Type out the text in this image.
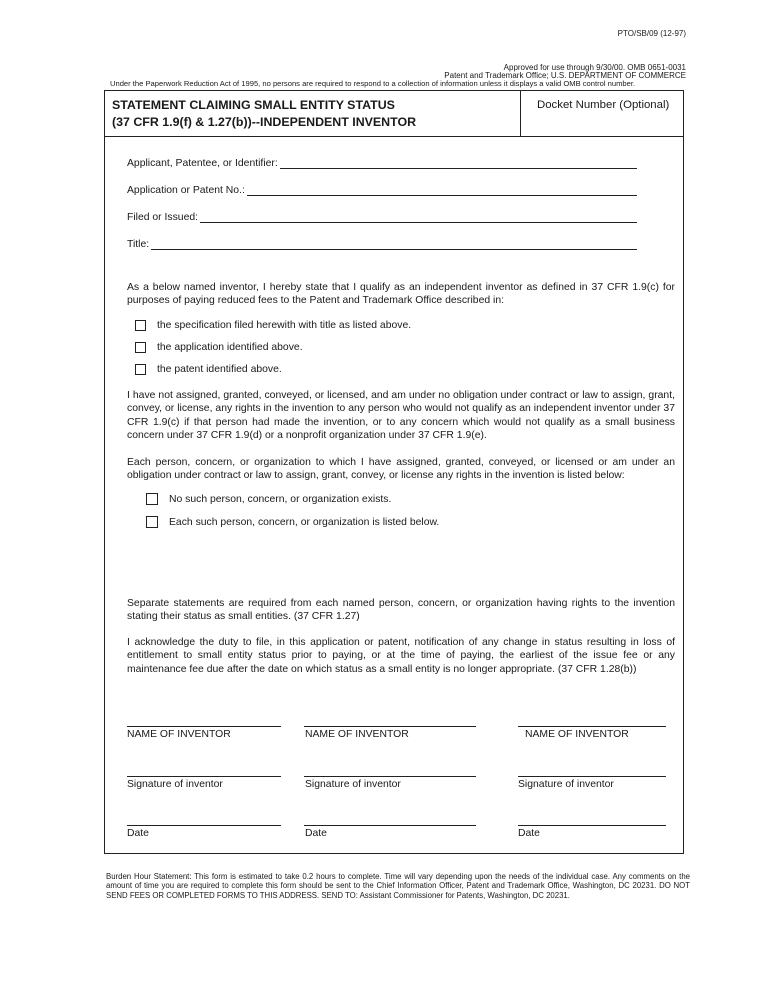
PTO/SB/09 (12-97)
Approved for use through 9/30/00. OMB 0651-0031
Patent and Trademark Office; U.S. DEPARTMENT OF COMMERCE
Under the Paperwork Reduction Act of 1995, no persons are required to respond to a collection of information unless it displays a valid OMB control number.
STATEMENT CLAIMING SMALL ENTITY STATUS
(37 CFR 1.9(f) & 1.27(b))--INDEPENDENT INVENTOR
Docket Number (Optional)
Applicant, Patentee, or Identifier:
Application or Patent No.:
Filed or Issued:
Title:
As a below named inventor, I hereby state that I qualify as an independent inventor as defined in 37 CFR 1.9(c) for purposes of paying reduced fees to the Patent and Trademark Office described in:
the specification filed herewith with title as listed above.
the application identified above.
the patent identified above.
I have not assigned, granted, conveyed, or licensed, and am under no obligation under contract or law to assign, grant, convey, or license, any rights in the invention to any person who would not qualify as an independent inventor under 37 CFR 1.9(c) if that person had made the invention, or to any concern which would not qualify as a small business concern under 37 CFR 1.9(d) or a nonprofit organization under 37 CFR 1.9(e).
Each person, concern, or organization to which I have assigned, granted, conveyed, or licensed or am under an obligation under contract or law to assign, grant, convey, or license any rights in the invention is listed below:
No such person, concern, or organization exists.
Each such person, concern, or organization is listed below.
Separate statements are required from each named person, concern, or organization having rights to the invention stating their status as small entities. (37 CFR 1.27)
I acknowledge the duty to file, in this application or patent, notification of any change in status resulting in loss of entitlement to small entity status prior to paying, or at the time of paying, the earliest of the issue fee or any maintenance fee due after the date on which status as a small entity is no longer appropriate. (37 CFR 1.28(b))
NAME OF INVENTOR
Signature of inventor
Date
NAME OF INVENTOR
Signature of inventor
Date
NAME OF INVENTOR
Signature of inventor
Date
Burden Hour Statement: This form is estimated to take 0.2 hours to complete. Time will vary depending upon the needs of the individual case. Any comments on the amount of time you are required to complete this form should be sent to the Chief Information Officer, Patent and Trademark Office, Washington, DC 20231. DO NOT SEND FEES OR COMPLETED FORMS TO THIS ADDRESS. SEND TO: Assistant Commissioner for Patents, Washington, DC 20231.
